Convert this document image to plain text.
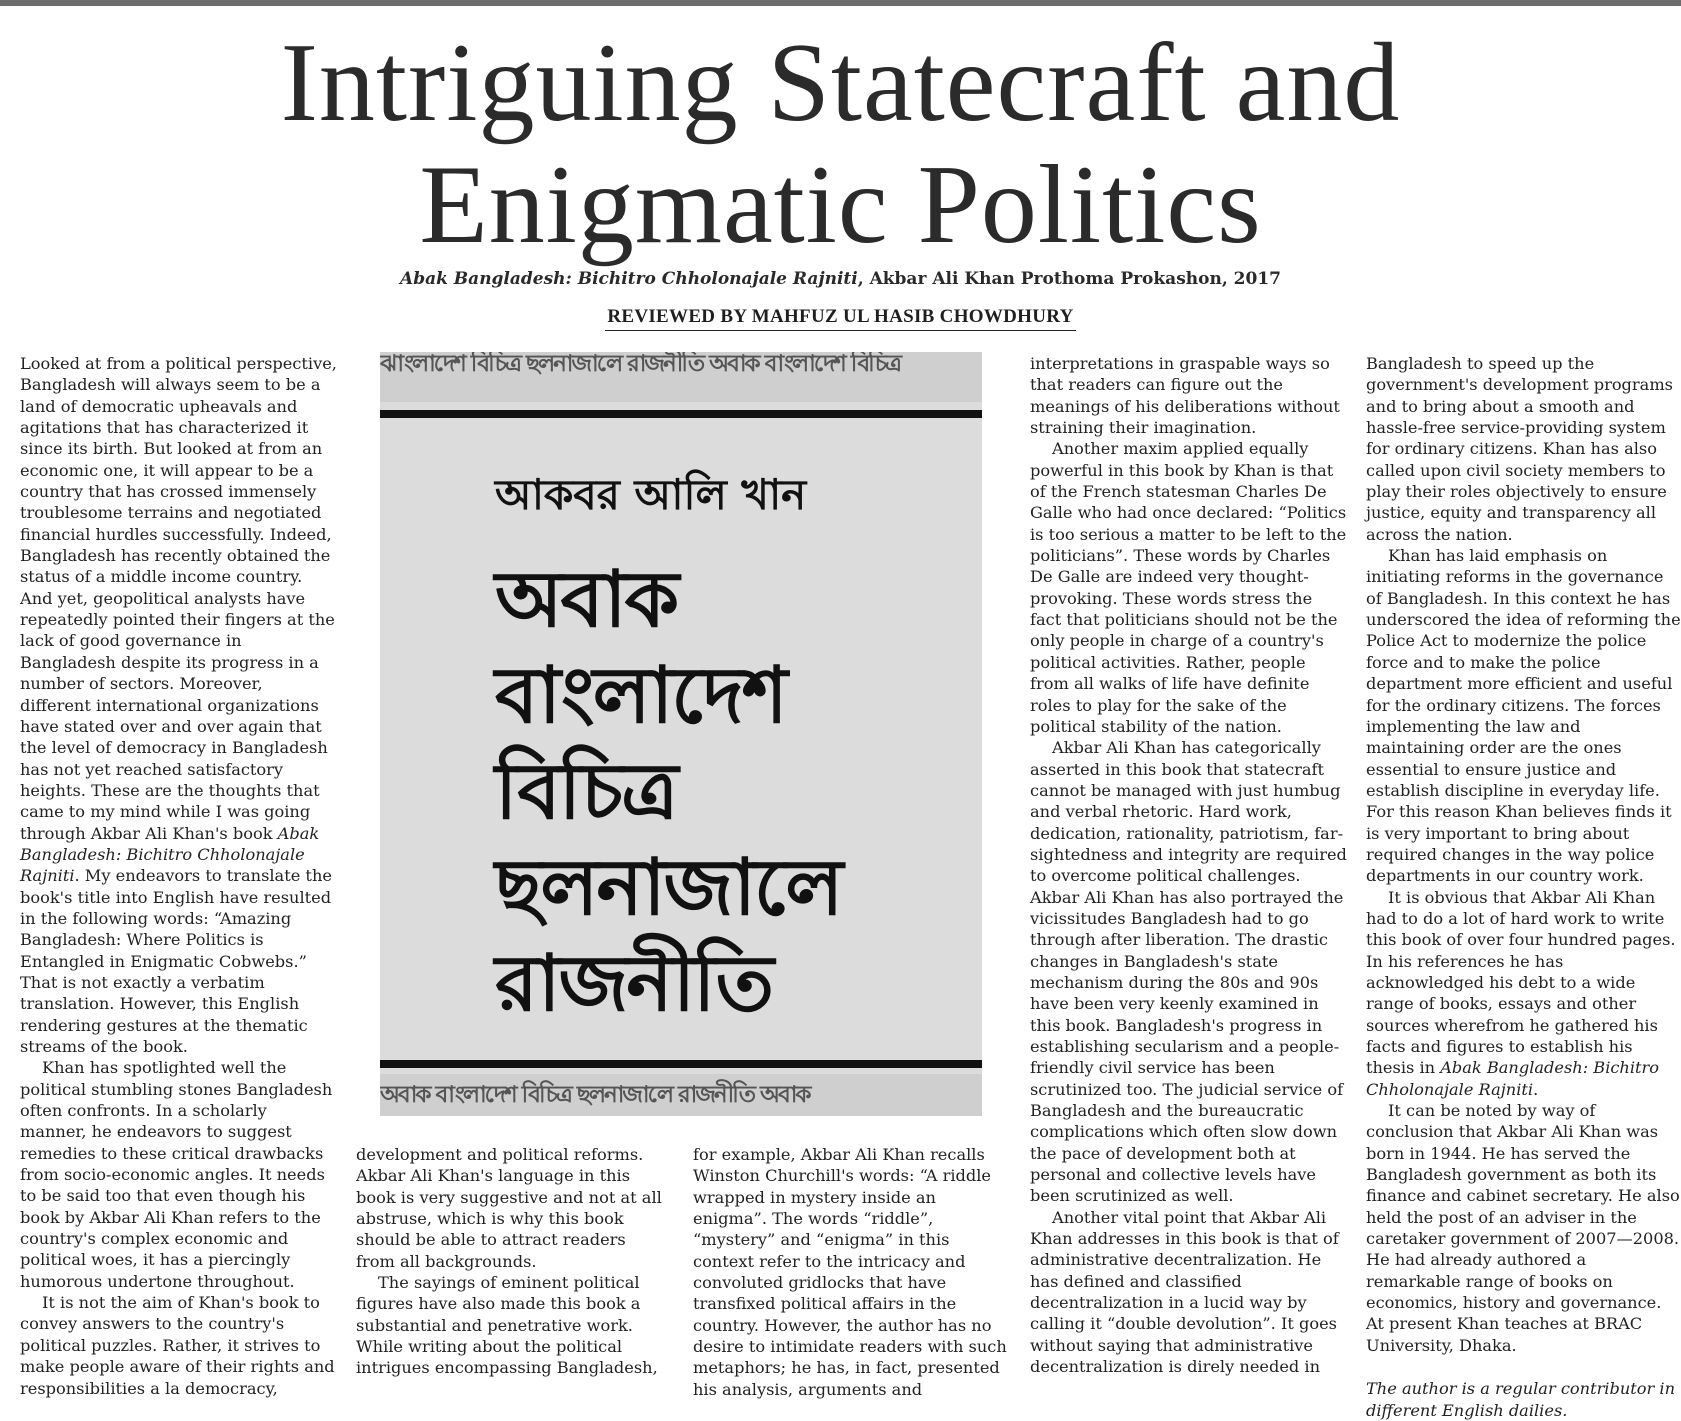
Intriguing Statecraft and
Enigmatic Politics
Abak Bangladesh: Bichitro Chholonajale Rajniti, Akbar Ali Khan Prothoma Prokashon, 2017
REVIEWED BY MAHFUZ UL HASIB CHOWDHURY

Looked at from a political perspective, Bangladesh will always seem to be a land of democratic upheavals and agitations that has characterized it since its birth. But looked at from an economic one, it will appear to be a country that has crossed immensely troublesome terrains and negotiated financial hurdles successfully. Indeed, Bangladesh has recently obtained the status of a middle income country. And yet, geopolitical analysts have repeatedly pointed their fingers at the lack of good governance in Bangladesh despite its progress in a number of sectors. Moreover, different international organizations have stated over and over again that the level of democracy in Bangladesh has not yet reached satisfactory heights. These are the thoughts that came to my mind while I was going through Akbar Ali Khan's book Abak Bangladesh: Bichitro Chholonajale Rajniti. My endeavors to translate the book's title into English have resulted in the following words: “Amazing Bangladesh: Where Politics is Entangled in Enigmatic Cobwebs.” That is not exactly a verbatim translation. However, this English rendering gestures at the thematic streams of the book.

Khan has spotlighted well the political stumbling stones Bangladesh often confronts. In a scholarly manner, he endeavors to suggest remedies to these critical drawbacks from socio-economic angles. It needs to be said too that even though his book by Akbar Ali Khan refers to the country's complex economic and political woes, it has a piercingly humorous undertone throughout.

It is not the aim of Khan's book to convey answers to the country's political puzzles. Rather, it strives to make people aware of their rights and responsibilities a la democracy,

ঝাংলাদেশ বিচিত্র ছলনাজালে রাজনীতি অবাক বাংলাদেশ বিচিত্র
আকবর আলি খান
অবাক
বাংলাদেশ
বিচিত্র
ছলনাজালে
রাজনীতি
অবাক বাংলাদেশ বিচিত্র ছলনাজালে রাজনীতি অবাক

development and political reforms. Akbar Ali Khan's language in this book is very suggestive and not at all abstruse, which is why this book should be able to attract readers from all backgrounds.

The sayings of eminent political figures have also made this book a substantial and penetrative work. While writing about the political intrigues encompassing Bangladesh,

for example, Akbar Ali Khan recalls Winston Churchill's words: “A riddle wrapped in mystery inside an enigma”. The words “riddle”, “mystery” and “enigma” in this context refer to the intricacy and convoluted gridlocks that have transfixed political affairs in the country. However, the author has no desire to intimidate readers with such metaphors; he has, in fact, presented his analysis, arguments and

interpretations in graspable ways so that readers can figure out the meanings of his deliberations without straining their imagination.

Another maxim applied equally powerful in this book by Khan is that of the French statesman Charles De Galle who had once declared: “Politics is too serious a matter to be left to the politicians”. These words by Charles De Galle are indeed very thought-provoking. These words stress the fact that politicians should not be the only people in charge of a country's political activities. Rather, people from all walks of life have definite roles to play for the sake of the political stability of the nation.

Akbar Ali Khan has categorically asserted in this book that statecraft cannot be managed with just humbug and verbal rhetoric. Hard work, dedication, rationality, patriotism, far-sightedness and integrity are required to overcome political challenges. Akbar Ali Khan has also portrayed the vicissitudes Bangladesh had to go through after liberation. The drastic changes in Bangladesh's state mechanism during the 80s and 90s have been very keenly examined in this book. Bangladesh's progress in establishing secularism and a people-friendly civil service has been scrutinized too. The judicial service of Bangladesh and the bureaucratic complications which often slow down the pace of development both at personal and collective levels have been scrutinized as well.

Another vital point that Akbar Ali Khan addresses in this book is that of administrative decentralization. He has defined and classified decentralization in a lucid way by calling it “double devolution”. It goes without saying that administrative decentralization is direly needed in

Bangladesh to speed up the government's development programs and to bring about a smooth and hassle-free service-providing system for ordinary citizens. Khan has also called upon civil society members to play their roles objectively to ensure justice, equity and transparency all across the nation.

Khan has laid emphasis on initiating reforms in the governance of Bangladesh. In this context he has underscored the idea of reforming the Police Act to modernize the police force and to make the police department more efficient and useful for the ordinary citizens. The forces implementing the law and maintaining order are the ones essential to ensure justice and establish discipline in everyday life. For this reason Khan believes finds it is very important to bring about required changes in the way police departments in our country work.

It is obvious that Akbar Ali Khan had to do a lot of hard work to write this book of over four hundred pages. In his references he has acknowledged his debt to a wide range of books, essays and other sources wherefrom he gathered his facts and figures to establish his thesis in Abak Bangladesh: Bichitro Chholonajale Rajniti.

It can be noted by way of conclusion that Akbar Ali Khan was born in 1944. He has served the Bangladesh government as both its finance and cabinet secretary. He also held the post of an adviser in the caretaker government of 2007—2008. He had already authored a remarkable range of books on economics, history and governance. At present Khan teaches at BRAC University, Dhaka.

The author is a regular contributor in different English dailies.
